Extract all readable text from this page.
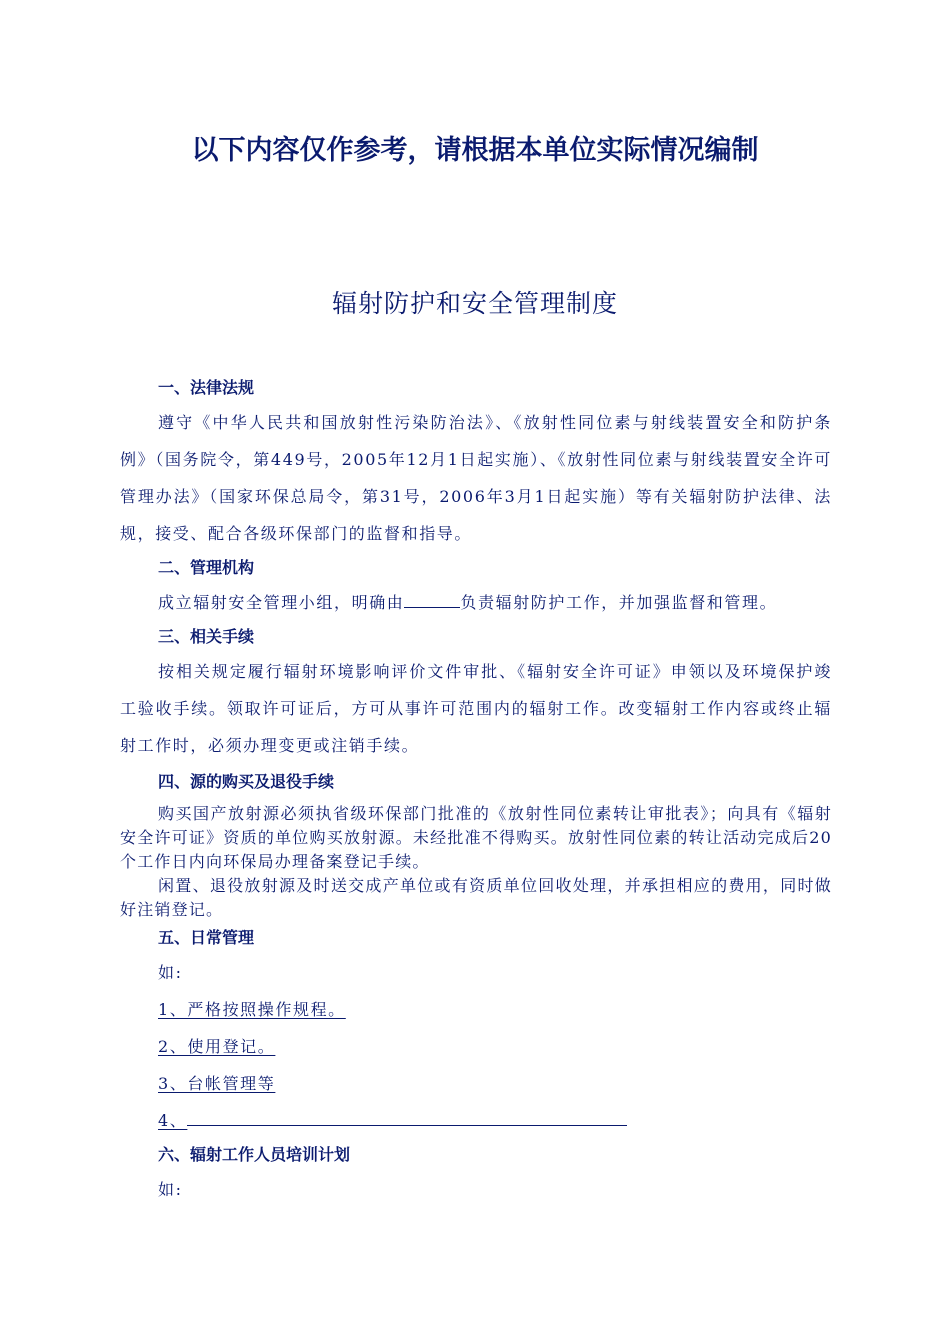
以下内容仅作参考，请根据本单位实际情况编制
辐射防护和安全管理制度
一、法律法规

遵守《中华人民共和国放射性污染防治法》、《放射性同位素与射线装置安全和防护条例》（国务院令，第449号，2005年12月1日起实施）、《放射性同位素与射线装置安全许可管理办法》（国家环保总局令，第31号，2006年3月1日起实施）等有关辐射防护法律、法规，接受、配合各级环保部门的监督和指导。

二、管理机构

成立辐射安全管理小组，明确由	负责辐射防护工作，并加强监督和管理。

三、相关手续

按相关规定履行辐射环境影响评价文件审批、《辐射安全许可证》申领以及环境保护竣工验收手续。领取许可证后，方可从事许可范围内的辐射工作。改变辐射工作内容或终止辐射工作时，必须办理变更或注销手续。

四、源的购买及退役手续

购买国产放射源必须执省级环保部门批准的《放射性同位素转让审批表》；向具有《辐射安全许可证》资质的单位购买放射源。未经批准不得购买。放射性同位素的转让活动完成后20个工作日内向环保局办理备案登记手续。

闲置、退役放射源及时送交成产单位或有资质单位回收处理，并承担相应的费用，同时做好注销登记。

五、日常管理

如:

1、严格按照操作规程。

2、使用登记。

3、台帐管理等

4、

六、辐射工作人员培训计划

如:
